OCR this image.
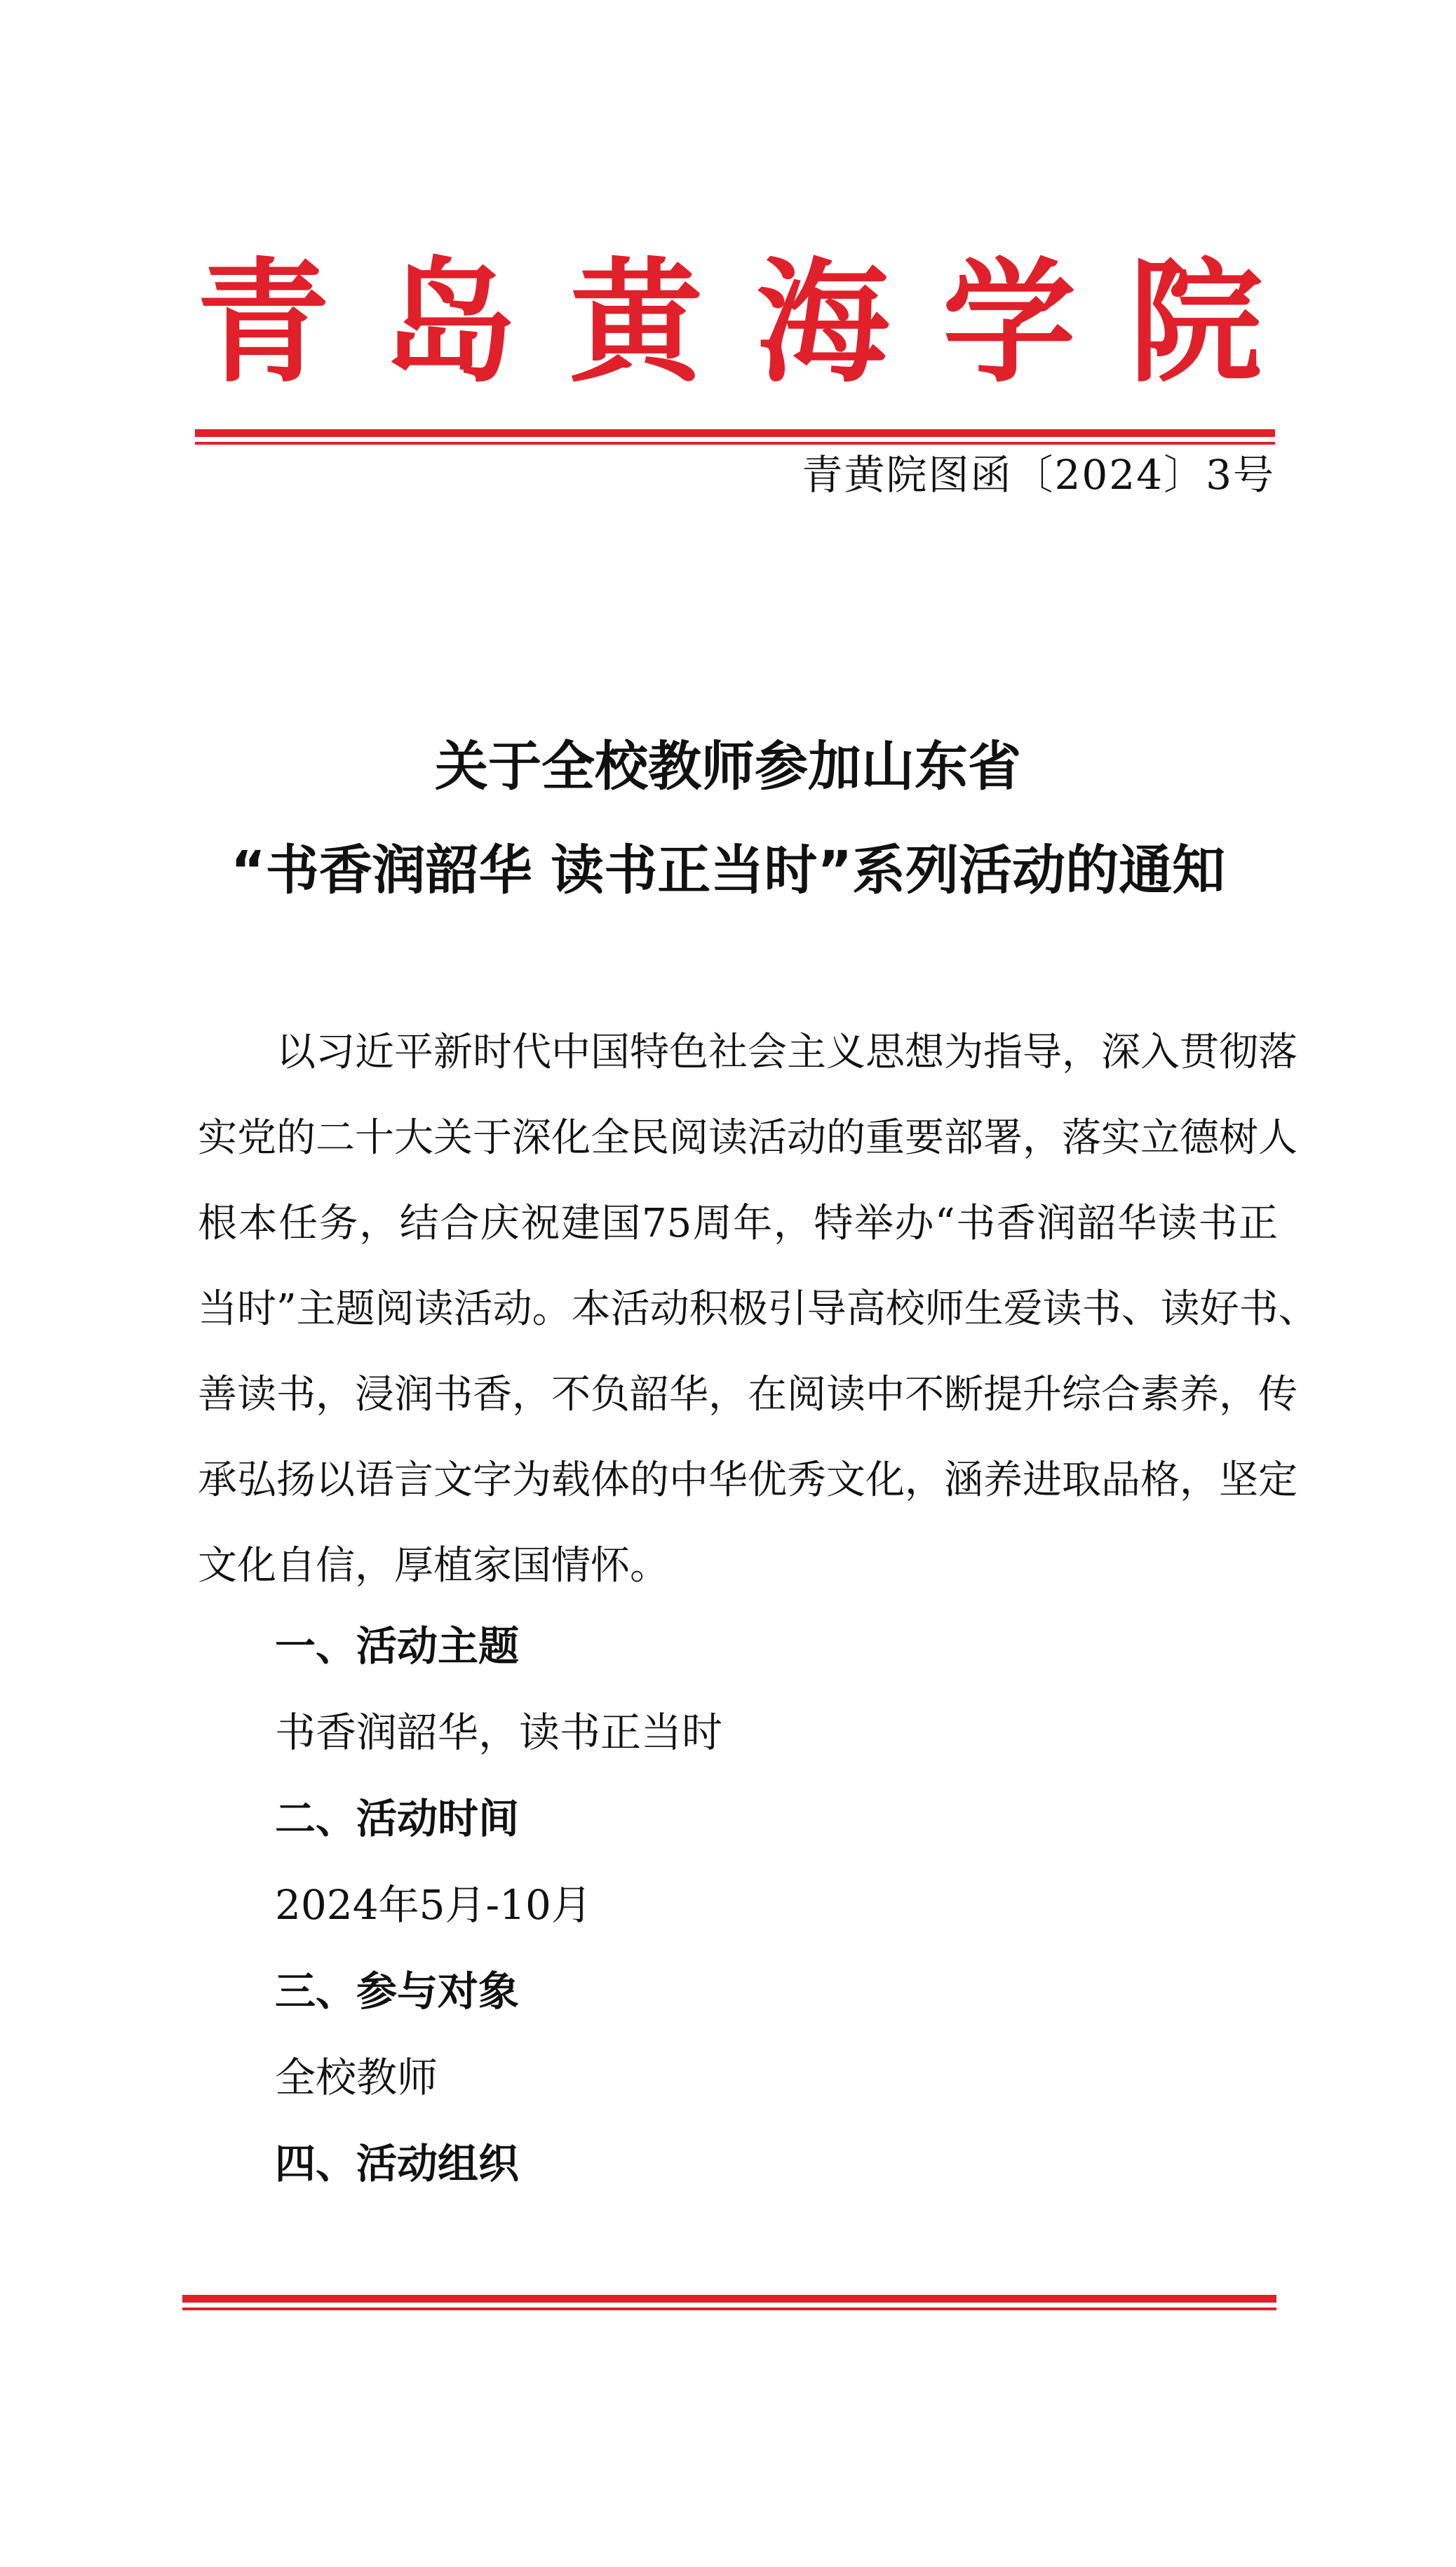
青 岛 黄 海 学 院
青黄院图函〔2024〕3号
关于全校教师参加山东省
“书香润韶华 读书正当时”系列活动的通知
以习近平新时代中国特色社会主义思想为指导，深入贯彻落
实党的二十大关于深化全民阅读活动的重要部署，落实立德树人
根本任务，结合庆祝建国75周年，特举办“书香润韶华读书正
当时”主题阅读活动。本活动积极引导高校师生爱读书、读好书、
善读书，浸润书香，不负韶华，在阅读中不断提升综合素养，传
承弘扬以语言文字为载体的中华优秀文化，涵养进取品格，坚定
文化自信，厚植家国情怀。
一、活动主题
书香润韶华，读书正当时
二、活动时间
2024年5月-10月
三、参与对象
全校教师
四、活动组织
